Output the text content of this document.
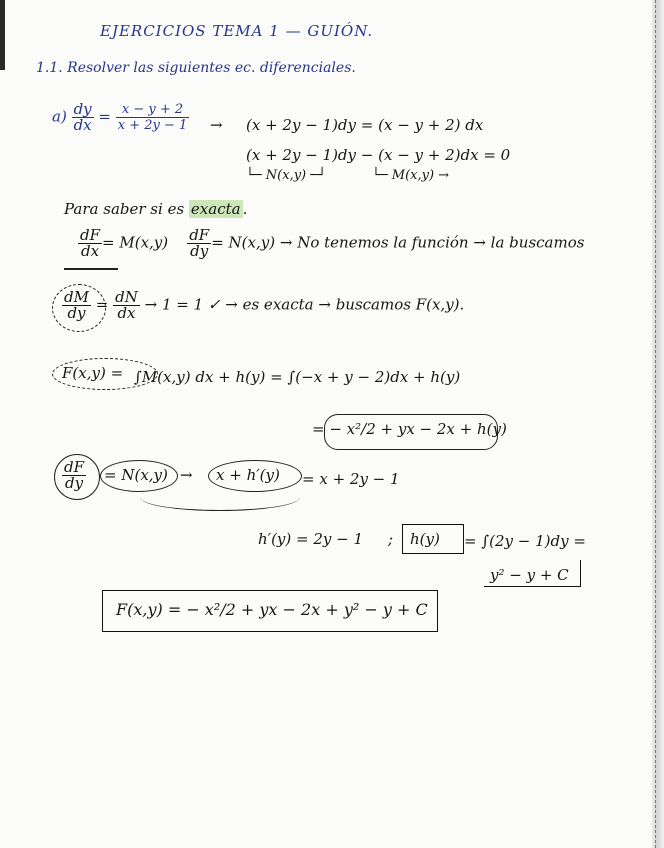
EJERCICIOS TEMA 1 — GUIÓN.
1.1. Resolver las siguientes ec. diferenciales.
$a) \frac{dy}{dx} = \frac{x - y + 2}{x + 2y - 1} \to (x + 2y - 1)dy = (x - y + 2)$ dx
(x + 2y − 1)dy − (x − y + 2)dx = 0
└─ N(x,y) ─┘	└─ M(x,y) →
Para saber si es exacta .
$\frac{dF}{dx} = M(x,y) \frac{dF}{dy} = N(x,y) \to No$ tenemos la función → la buscamos
$\frac{dM}{dy} = \frac{dN}{dx} \to 1 = 1$ ✓ → es exacta → buscamos F(x,y).
F(x,y) = ∫M(x,y) dx + h(y) = ∫(−x + y − 2)dx + h(y)
= − x²/2 + yx − 2x + h(y)
$\frac{dF}{dy} = N(x,y) \to x + h'(y) = x + 2y - 1$
h′(y) = 2y − 1 ; h(y) = ∫(2y − 1)dy =
y² − y + C
F(x,y) = − x²/2 + yx − 2x + y² − y + C
